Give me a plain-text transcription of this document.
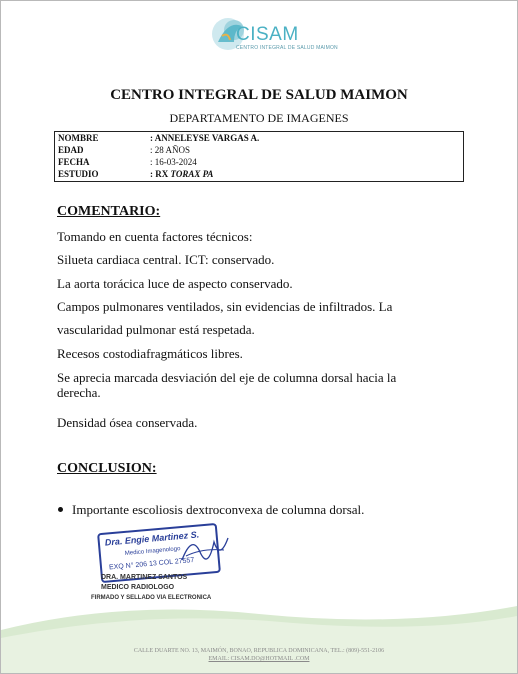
CISAM
CENTRO INTEGRAL DE SALUD MAIMON
CENTRO INTEGRAL DE SALUD MAIMON
DEPARTAMENTO DE IMAGENES
NOMBRE	: ANNELEYSE VARGAS A.
EDAD	: 28 AÑOS
FECHA	: 16-03-2024
ESTUDIO	: RX TORAX PA
COMENTARIO:
Tomando en cuenta factores técnicos:
Silueta cardiaca central. ICT: conservado.
La aorta torácica luce de aspecto conservado.
Campos pulmonares ventilados, sin evidencias de infiltrados. La
vascularidad pulmonar está respetada.
Recesos costodiafragmáticos libres.
Se aprecia marcada desviación del eje de columna dorsal hacia la derecha.
Densidad ósea conservada.
CONCLUSION:
Importante escoliosis dextroconvexa de columna dorsal.
Dra. Engie Martinez S.
Medico Imagenologo
EXQ N° 206 13 COL 27557
DRA. MARTINEZ SANTOS
MEDICO RADIOLOGO
FIRMADO Y SELLADO VIA ELECTRONICA
CALLE DUARTE NO. 13, MAIMÓN, BONAO, REPUBLICA DOMINICANA, TEL.: (809)-551-2106
EMAIL: CISAM.DO@HOTMAIL .COM
